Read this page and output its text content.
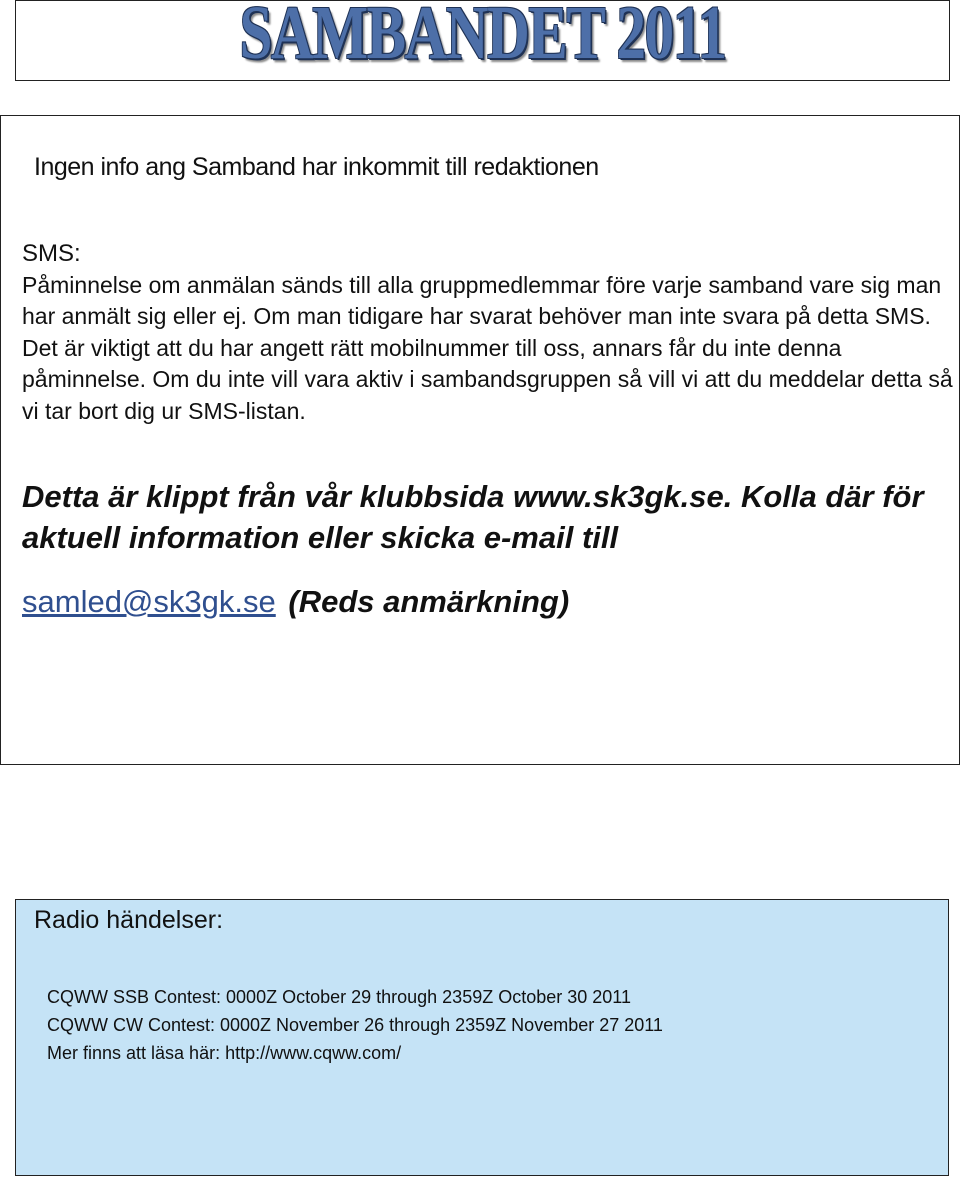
SAMBANDET 2011
Ingen info ang Samband har inkommit till redaktionen
SMS:
Påminnelse om anmälan sänds till alla gruppmedlemmar före varje samband vare sig man har anmält sig eller ej. Om man tidigare har svarat behöver man inte svara på detta SMS. Det är viktigt att du har angett rätt mobilnummer till oss, annars får du inte denna påminnelse. Om du inte vill vara aktiv i sambandsgruppen så vill vi att du meddelar detta så vi tar bort dig ur SMS-listan.
Detta är klippt från vår klubbsida www.sk3gk.se. Kolla där för aktuell information eller skicka e-mail till
samled@sk3gk.se (Reds anmärkning)
Radio händelser:
CQWW SSB Contest: 0000Z October 29 through 2359Z October 30 2011
CQWW CW Contest: 0000Z November 26 through 2359Z November 27 2011
Mer finns att läsa här: http://www.cqww.com/
